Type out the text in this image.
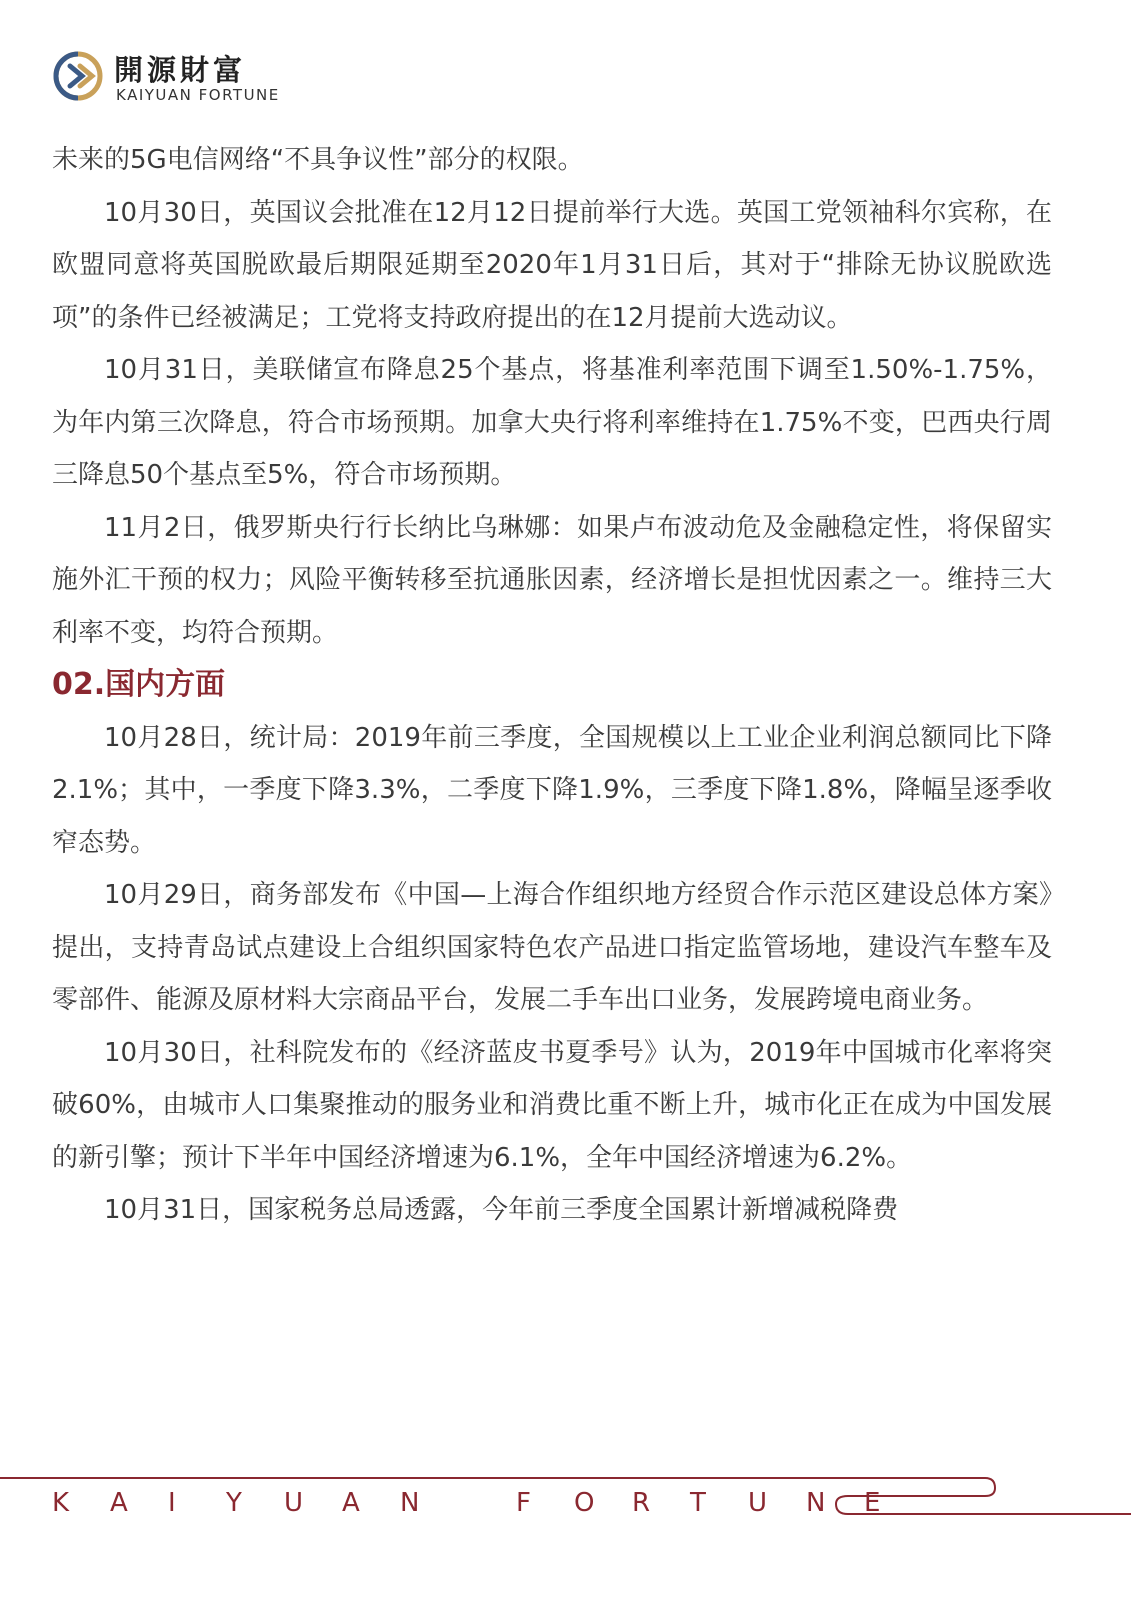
開源財富
KAIYUAN FORTUNE

未来的5G电信网络“不具争议性”部分的权限。

10月30日，英国议会批准在12月12日提前举行大选。英国工党领袖科尔宾称，在欧盟同意将英国脱欧最后期限延期至2020年1月31日后，其对于“排除无协议脱欧选项”的条件已经被满足；工党将支持政府提出的在12月提前大选动议。

10月31日，美联储宣布降息25个基点，将基准利率范围下调至1.50%-1.75%，为年内第三次降息，符合市场预期。加拿大央行将利率维持在1.75%不变，巴西央行周三降息50个基点至5%，符合市场预期。

11月2日，俄罗斯央行行长纳比乌琳娜：如果卢布波动危及金融稳定性，将保留实施外汇干预的权力；风险平衡转移至抗通胀因素，经济增长是担忧因素之一。维持三大利率不变，均符合预期。

02.国内方面

10月28日，统计局：2019年前三季度，全国规模以上工业企业利润总额同比下降2.1%；其中，一季度下降3.3%，二季度下降1.9%，三季度下降1.8%，降幅呈逐季收窄态势。

10月29日，商务部发布《中国—上海合作组织地方经贸合作示范区建设总体方案》提出，支持青岛试点建设上合组织国家特色农产品进口指定监管场地，建设汽车整车及零部件、能源及原材料大宗商品平台，发展二手车出口业务，发展跨境电商业务。

10月30日，社科院发布的《经济蓝皮书夏季号》认为，2019年中国城市化率将突破60%，由城市人口集聚推动的服务业和消费比重不断上升，城市化正在成为中国发展的新引擎；预计下半年中国经济增速为6.1%，全年中国经济增速为6.2%。

10月31日，国家税务总局透露，今年前三季度全国累计新增减税降费

K	A	I	Y	U	A	N	F	O	R	T	U	N	E
